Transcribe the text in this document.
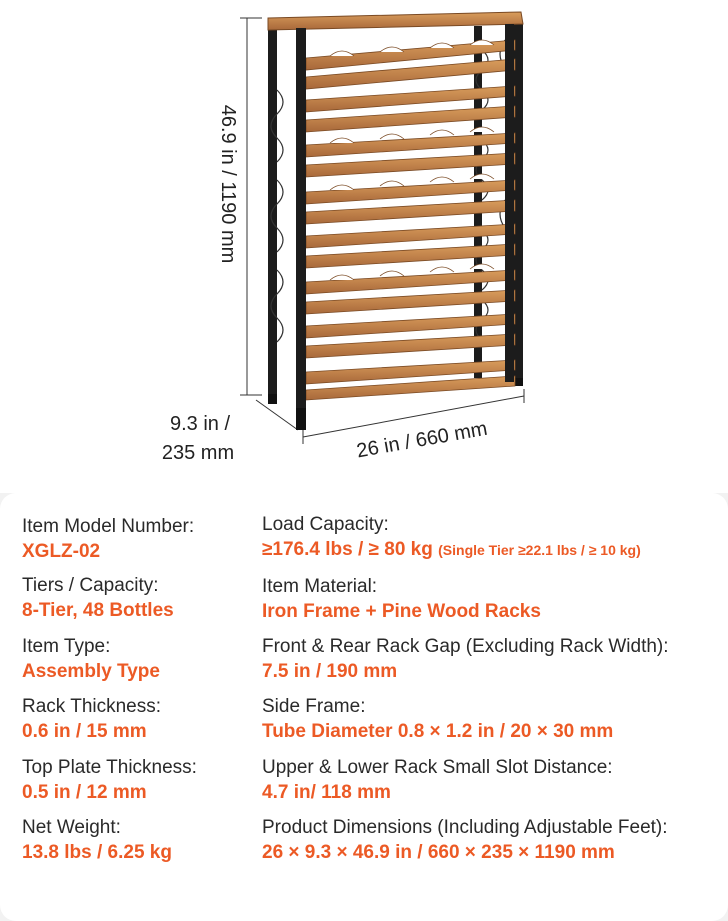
46.9 in / 1190 mm
9.3 in /
235 mm	26 in / 660 mm
Item Model Number:
XGLZ-02
Tiers / Capacity:
8-Tier, 48 Bottles
Item Type:
Assembly Type
Rack Thickness:
0.6 in / 15 mm
Top Plate Thickness:
0.5 in / 12 mm
Net Weight:
13.8 lbs / 6.25 kg
Load Capacity:
≥176.4 lbs / ≥ 80 kg (Single Tier ≥22.1 lbs / ≥ 10 kg)
Item Material:
Iron Frame + Pine Wood Racks
Front & Rear Rack Gap (Excluding Rack Width):
7.5 in / 190 mm
Side Frame:
Tube Diameter 0.8 × 1.2 in / 20 × 30 mm
Upper & Lower Rack Small Slot Distance:
4.7 in/ 118 mm
Product Dimensions (Including Adjustable Feet):
26 × 9.3 × 46.9 in / 660 × 235 × 1190 mm
